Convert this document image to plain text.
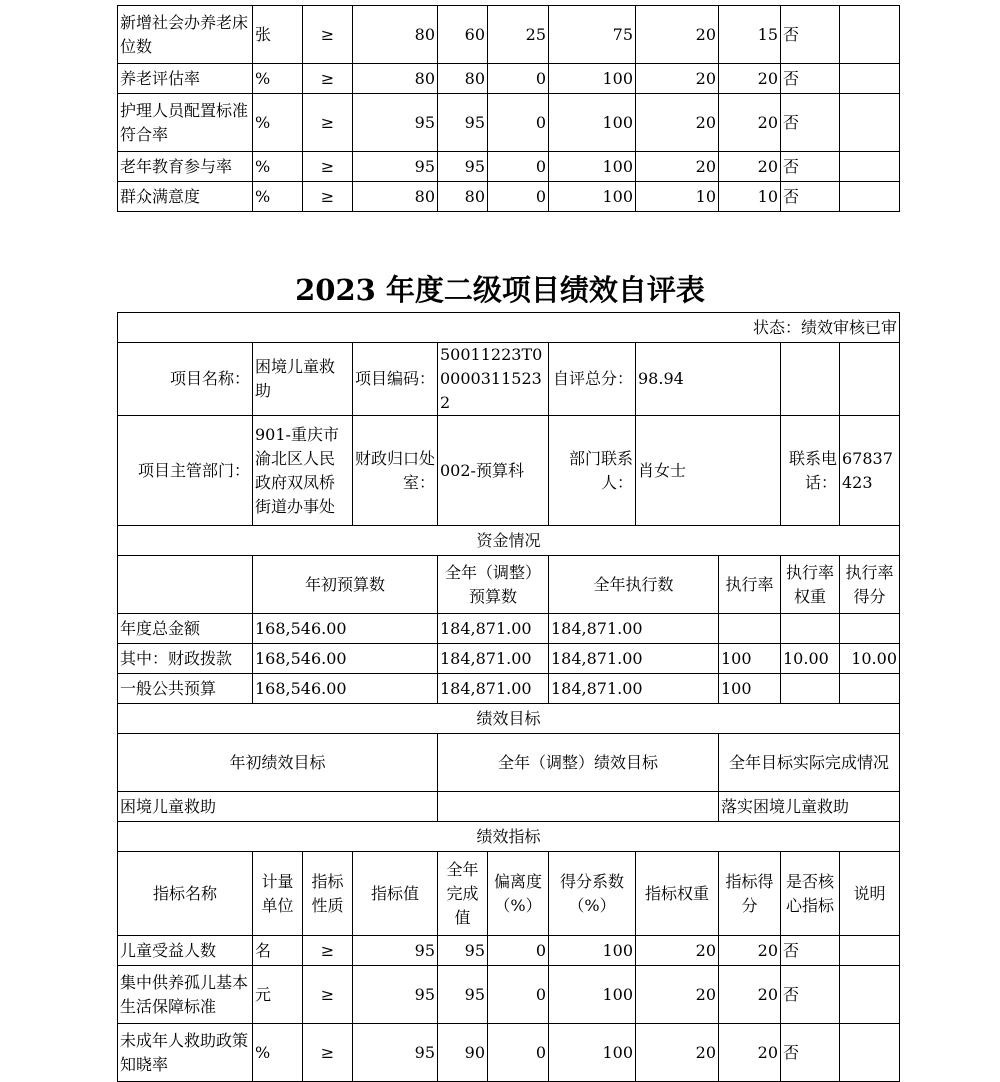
新增社会办养老床位数	张	≥	80	60	25	75	20	15	否	
养老评估率	%	≥	80	80	0	100	20	20	否	
护理人员配置标准符合率	%	≥	95	95	0	100	20	20	否	
老年教育参与率	%	≥	95	95	0	100	20	20	否	
群众满意度	%	≥	80	80	0	100	10	10	否	
2023 年度二级项目绩效自评表
状态：绩效审核已审										
项目名称：	困境儿童救助		项目编码：	50011223T000003115232		自评总分：	98.94			
项目主管部门：	901-重庆市渝北区人民政府双凤桥街道办事处		财政归口处室：	002-预算科		部门联系人：	肖女士		联系电话：	67837423
资金情况										
	年初预算数			全年（调整）预算数		全年执行数		执行率	执行率权重	执行率得分
年度总金额	168,546.00			184,871.00		184,871.00				
其中：财政拨款	168,546.00			184,871.00		184,871.00		100	10.00	10.00
一般公共预算	168,546.00			184,871.00		184,871.00		100		
绩效目标										
年初绩效目标				全年（调整）绩效目标				全年目标实际完成情况		
困境儿童救助								落实困境儿童救助		
绩效指标										
指标名称	计量单位	指标性质	指标值	全年完成值	偏离度（%）	得分系数（%）	指标权重	指标得分	是否核心指标	说明
儿童受益人数	名	≥	95	95	0	100	20	20	否	
集中供养孤儿基本生活保障标准	元	≥	95	95	0	100	20	20	否	
未成年人救助政策知晓率	%	≥	95	90	0	100	20	20	否	
